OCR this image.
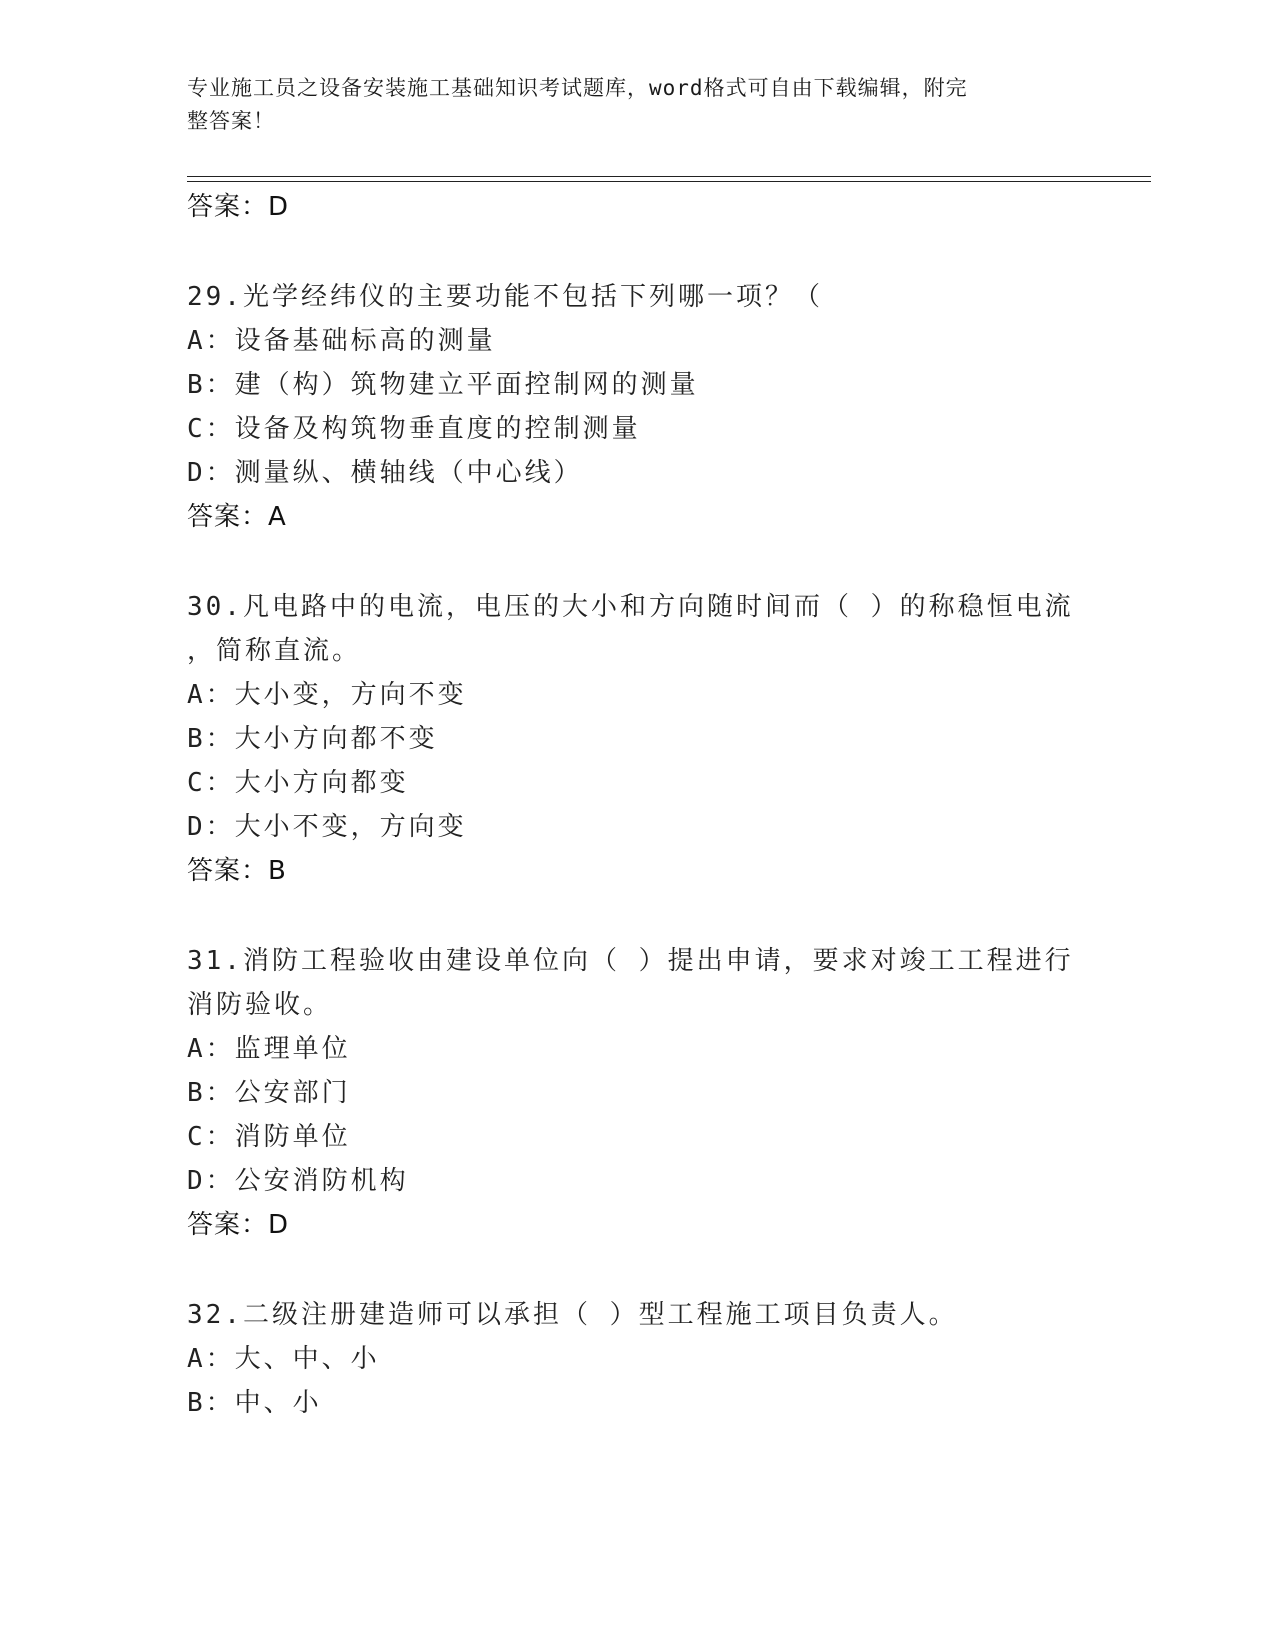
专业施工员之设备安装施工基础知识考试题库，word格式可自由下载编辑，附完
整答案！
答案：D
29.光学经纬仪的主要功能不包括下列哪一项？（
A：设备基础标高的测量
B：建（构）筑物建立平面控制网的测量
C：设备及构筑物垂直度的控制测量
D：测量纵、横轴线（中心线）
答案：A
30.凡电路中的电流，电压的大小和方向随时间而（ ）的称稳恒电流
，简称直流。
A：大小变，方向不变
B：大小方向都不变
C：大小方向都变
D：大小不变，方向变
答案：B
31.消防工程验收由建设单位向（ ）提出申请，要求对竣工工程进行
消防验收。
A：监理单位
B：公安部门
C：消防单位
D：公安消防机构
答案：D
32.二级注册建造师可以承担（ ）型工程施工项目负责人。
A：大、中、小
B：中、小
